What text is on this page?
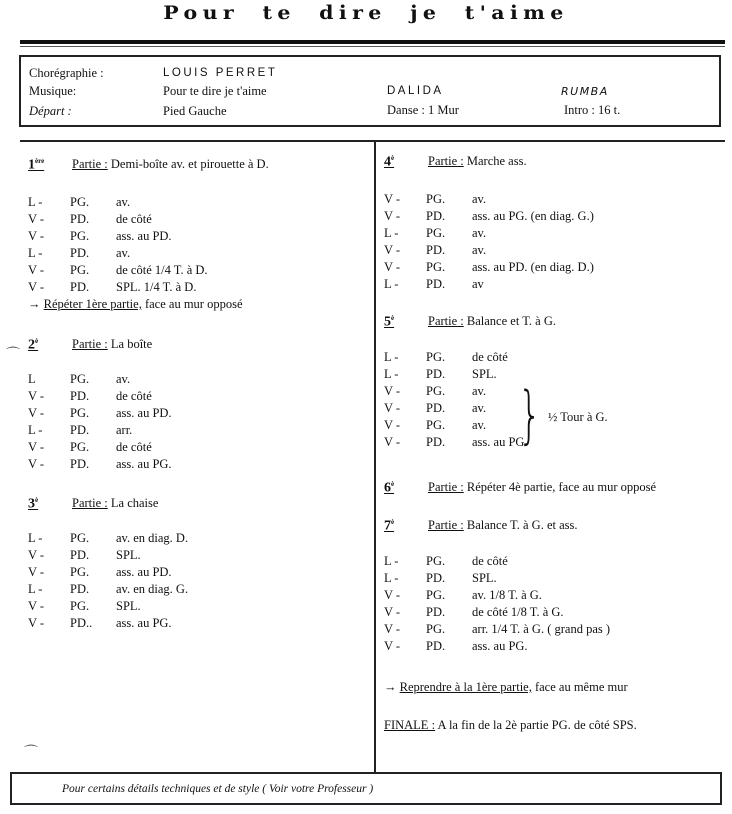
Pour te dire je t'aime
Chorégraphie :	LOUIS PERRET
Musique:	Pour te dire je t'aime	DALIDA	RUMBA
Départ :	Pied Gauche	Danse : 1 Mur	Intro : 16 t.
1ère Partie : Demi-boîte av. et pirouette à D.
L -	PG. av.
V -	PD. de côté
V -	PG. ass. au PD.
L -	PD. av.
V -	PG. de côté 1/4 T. à D.
V -	PD. SPL. 1/4 T. à D.
→ Répéter 1ère partie, face au mur opposé
⌒
$2^è$	Partie : La boîte
L	PG. av.
V -	PD. de côté
V -	PG. ass. au PD.
L -	PD. arr.
V -	PG. de côté
V -	PD. ass. au PG.
$3^è$	Partie : La chaise
L -	PG. av. en diag. D.
V -	PD. SPL.
V -	PG. ass. au PD.
L -	PD. av. en diag. G.
V -	PG. SPL.
V -	PD.. ass. au PG.
⌒
$4^è$	Partie : Marche ass.
V -	PG. av.
V -	PD. ass. au PG. (en diag. G.)
L -	PG. av.
V -	PD. av.
V -	PG. ass. au PD. (en diag. D.)
L -	PD. av
$5^è$	Partie : Balance et T. à G.
L -	PG. de côté
L -	PD. SPL.
V -	PG. av.
V -	PD. av.
V -	PG. av.
V -	PD. ass. au PG.
} ½ Tour à G.
$6^è$	Partie : Répéter 4è partie, face au mur opposé
$7^è$	Partie : Balance T. à G. et ass.
L -	PG. de côté
L -	PD. SPL.
V -	PG. av. 1/8 T. à G.
V -	PD. de côté 1/8 T. à G.
V -	PG. arr. 1/4 T. à G. ( grand pas )
V -	PD. ass. au PG.
→ Reprendre à la 1ère partie, face au même mur
FINALE : A la fin de la 2è partie PG. de côté SPS.
Pour certains détails techniques et de style ( Voir votre Professeur )
